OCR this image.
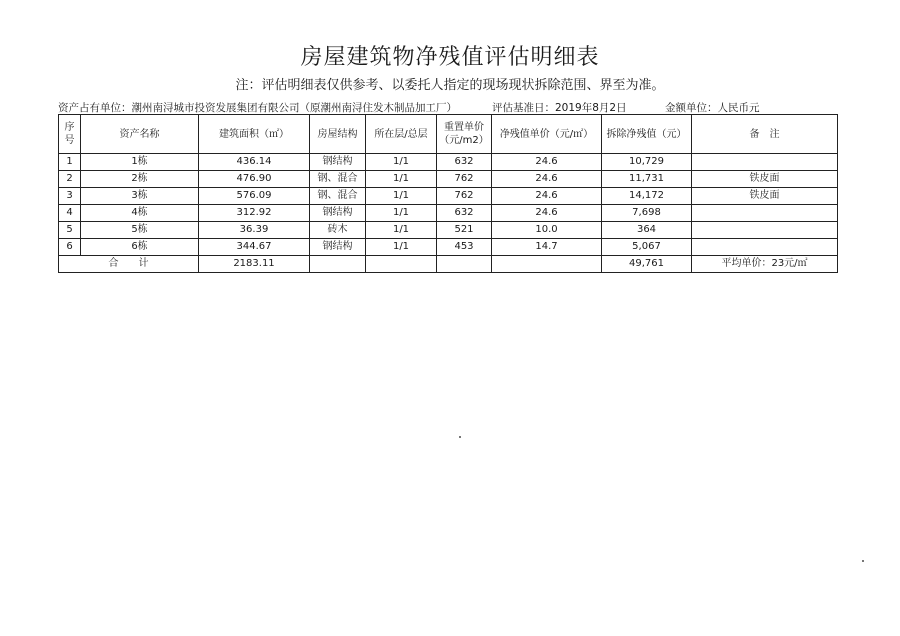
房屋建筑物净残值评估明细表
注：评估明细表仅供参考、以委托人指定的现场现状拆除范围、界至为准。
资产占有单位：潮州南浔城市投资发展集团有限公司（原潮州南浔住发木制品加工厂）	评估基准日：2019年8月2日	金额单位：人民币元
序号	资产名称	建筑面积（㎡）	房屋结构	所在层/总层	重置单价（元/m2）	净残值单价（元/㎡）	拆除净残值（元）	备　注
1	1栋	436.14	钢结构	1/1	632	24.6	10,729	
2	2栋	476.90	钢、混合	1/1	762	24.6	11,731	铁皮面
3	3栋	576.09	钢、混合	1/1	762	24.6	14,172	铁皮面
4	4栋	312.92	钢结构	1/1	632	24.6	7,698	
5	5栋	36.39	砖木	1/1	521	10.0	364	
6	6栋	344.67	钢结构	1/1	453	14.7	5,067	
合　　计		2183.11					49,761	平均单价：23元/㎡
